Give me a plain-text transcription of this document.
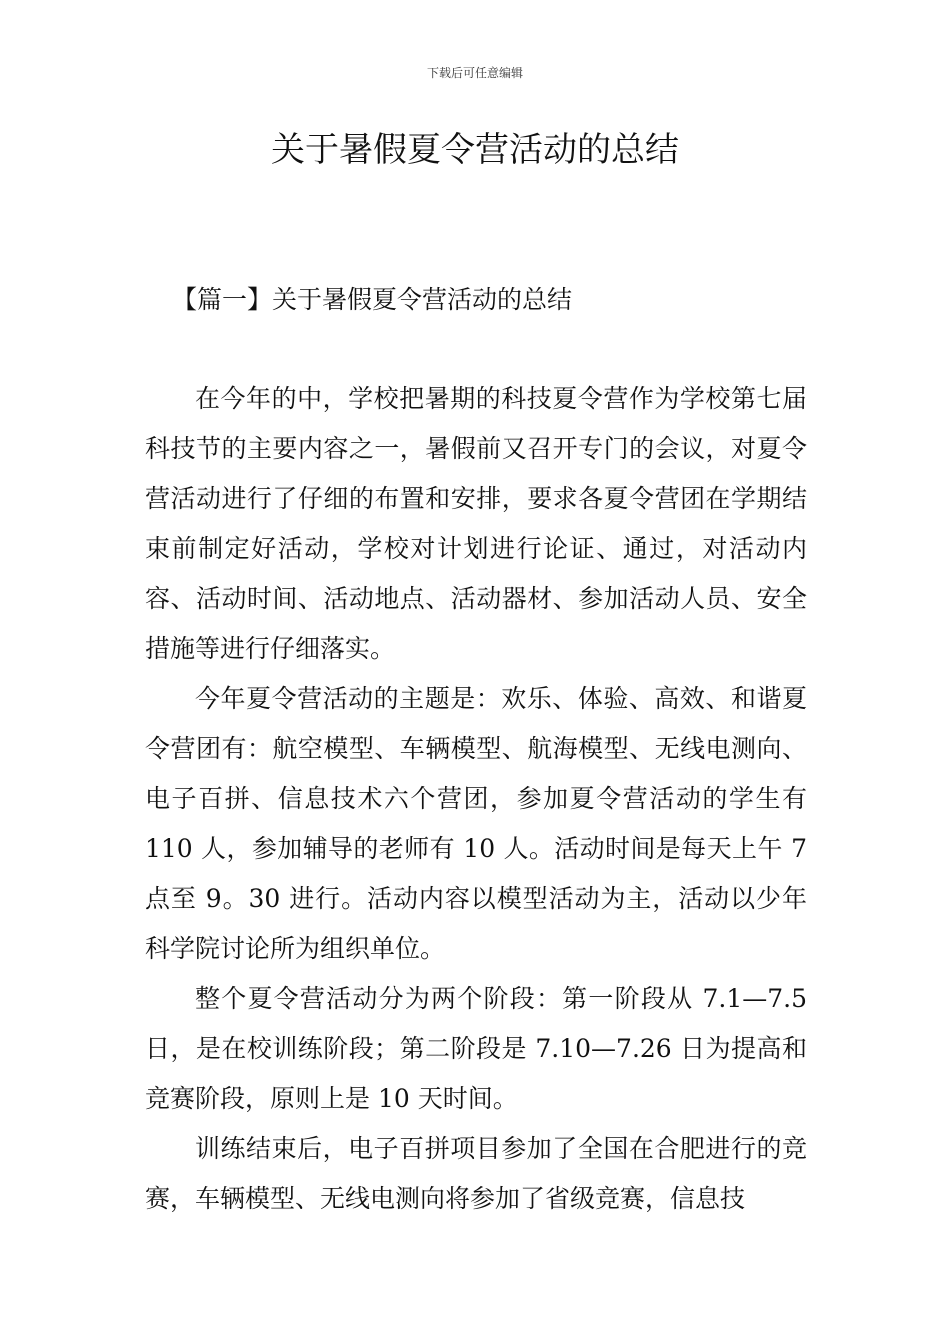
下载后可任意编辑
关于暑假夏令营活动的总结
【篇一】关于暑假夏令营活动的总结

在今年的中，学校把暑期的科技夏令营作为学校第七届科技节的主要内容之一，暑假前又召开专门的会议，对夏令营活动进行了仔细的布置和安排，要求各夏令营团在学期结束前制定好活动，学校对计划进行论证、通过，对活动内容、活动时间、活动地点、活动器材、参加活动人员、安全措施等进行仔细落实。

今年夏令营活动的主题是：欢乐、体验、高效、和谐夏令营团有：航空模型、车辆模型、航海模型、无线电测向、电子百拼、信息技术六个营团，参加夏令营活动的学生有 110 人，参加辅导的老师有 10 人。活动时间是每天上午 7 点至 9。30 进行。活动内容以模型活动为主，活动以少年科学院讨论所为组织单位。

整个夏令营活动分为两个阶段：第一阶段从 7.1—7.5 日，是在校训练阶段；第二阶段是 7.10—7.26 日为提高和竞赛阶段，原则上是 10 天时间。

训练结束后，电子百拼项目参加了全国在合肥进行的竞赛，车辆模型、无线电测向将参加了省级竞赛，信息技
